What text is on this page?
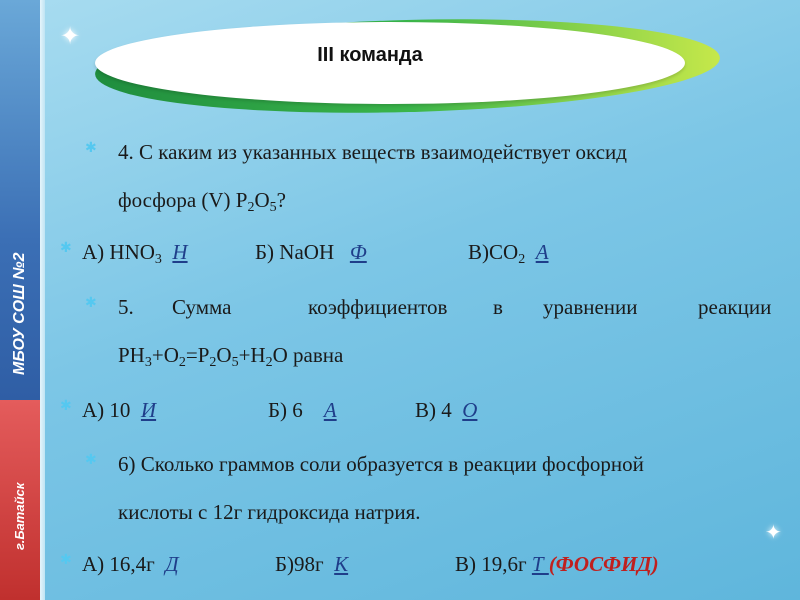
МБОУ СОШ №2
г.Батайск
✦
✦
III команда
✱ 4. С каким из указанных веществ взаимодействует оксид
фосфора (V) $P_2O_5$?
✱ А) $HNO_3$ Н	Б) NaOH Ф	$В)CO_2$ А
✱ 5. Сумма	коэффициентов в уравнении	реакции
$PH_3+O_2=P_2O_5+H_2O$ равна
✱ А) 10 И	Б) 6 А	В) 4 О
✱ 6) Сколько граммов соли образуется в реакции фосфорной
кислоты с 12г гидроксида натрия.
✱ А) 16,4г Д	Б)98г К	В) 19,6г Т (ФОСФИД)
